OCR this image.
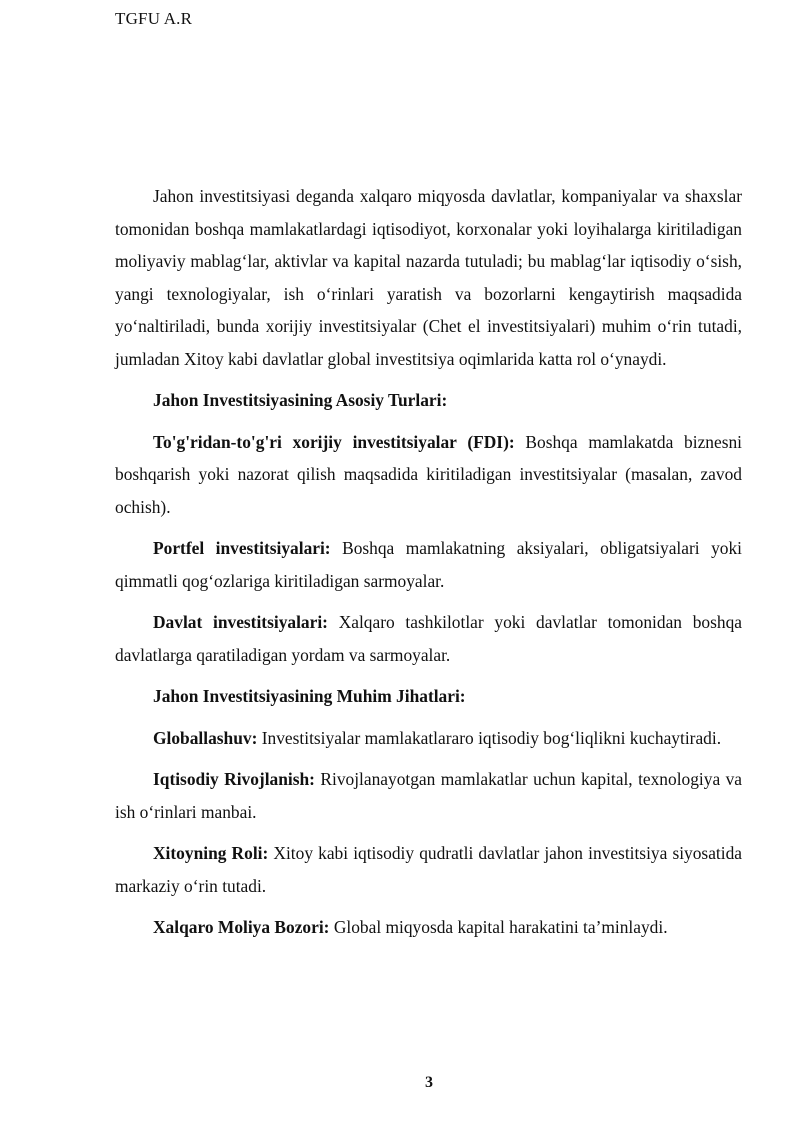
TGFU A.R

Jahon investitsiyasi deganda xalqaro miqyosda davlatlar, kompaniyalar va shaxslar tomonidan boshqa mamlakatlardagi iqtisodiyot, korxonalar yoki loyihalarga kiritiladigan moliyaviy mablag‘lar, aktivlar va kapital nazarda tutuladi; bu mablag‘lar iqtisodiy o‘sish, yangi texnologiyalar, ish o‘rinlari yaratish va bozorlarni kengaytirish maqsadida yo‘naltiriladi, bunda xorijiy investitsiyalar (Chet el investitsiyalari) muhim o‘rin tutadi, jumladan Xitoy kabi davlatlar global investitsiya oqimlarida katta rol o‘ynaydi.

Jahon Investitsiyasining Asosiy Turlari:

To'g'ridan-to'g'ri xorijiy investitsiyalar (FDI): Boshqa mamlakatda biznesni boshqarish yoki nazorat qilish maqsadida kiritiladigan investitsiyalar (masalan, zavod ochish).

Portfel investitsiyalari: Boshqa mamlakatning aksiyalari, obligatsiyalari yoki qimmatli qog‘ozlariga kiritiladigan sarmoyalar.

Davlat investitsiyalari: Xalqaro tashkilotlar yoki davlatlar tomonidan boshqa davlatlarga qaratiladigan yordam va sarmoyalar.

Jahon Investitsiyasining Muhim Jihatlari:

Globallashuv: Investitsiyalar mamlakatlararo iqtisodiy bog‘liqlikni kuchaytiradi.

Iqtisodiy Rivojlanish: Rivojlanayotgan mamlakatlar uchun kapital, texnologiya va ish o‘rinlari manbai.

Xitoyning Roli: Xitoy kabi iqtisodiy qudratli davlatlar jahon investitsiya siyosatida markaziy o‘rin tutadi.

Xalqaro Moliya Bozori: Global miqyosda kapital harakatini ta’minlaydi.

3
